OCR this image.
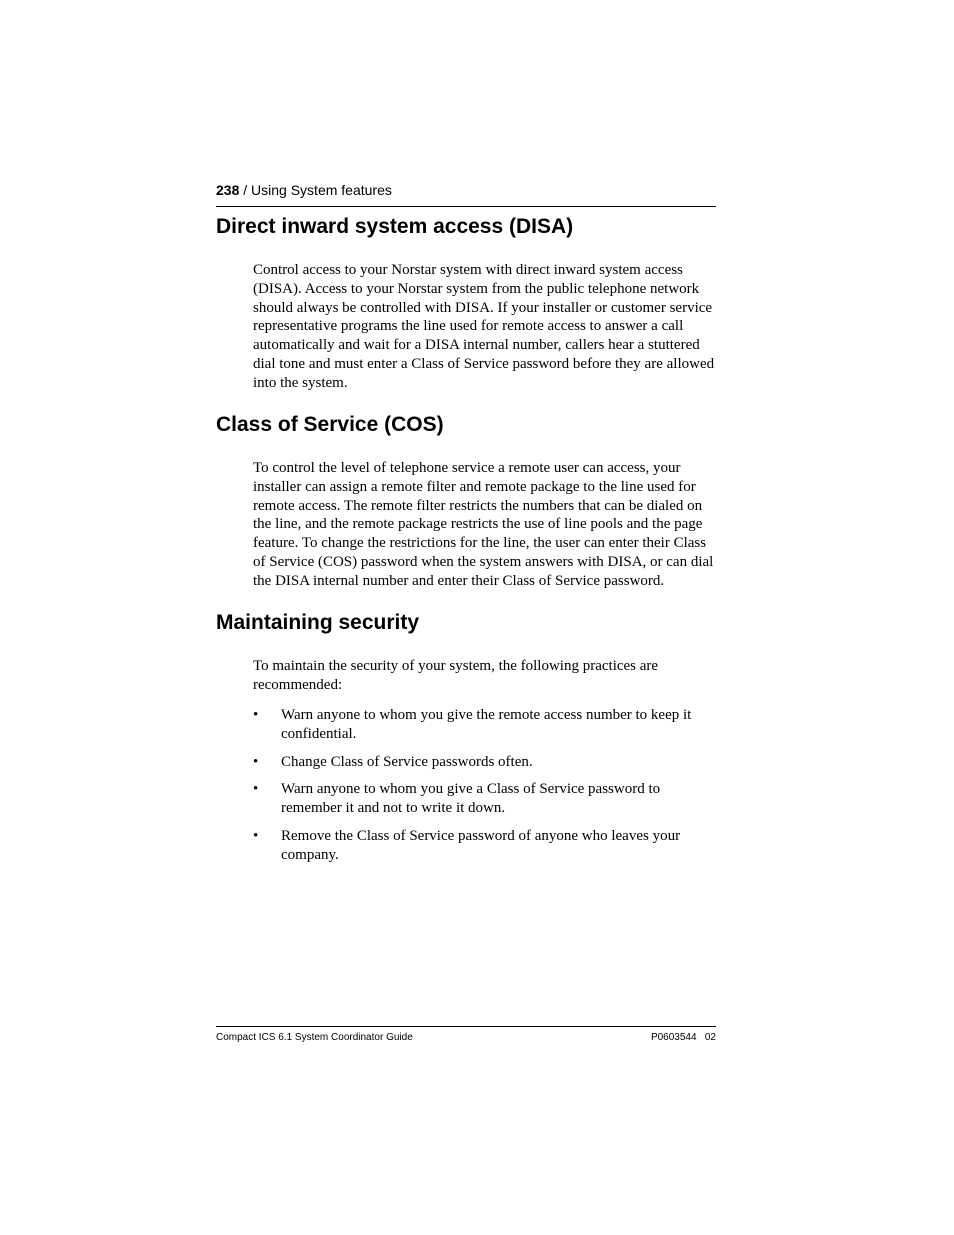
238 / Using System features
Direct inward system access (DISA)

Control access to your Norstar system with direct inward system access (DISA). Access to your Norstar system from the public telephone network should always be controlled with DISA. If your installer or customer service representative programs the line used for remote access to answer a call automatically and wait for a DISA internal number, callers hear a stuttered dial tone and must enter a Class of Service password before they are allowed into the system.

Class of Service (COS)

To control the level of telephone service a remote user can access, your installer can assign a remote filter and remote package to the line used for remote access. The remote filter restricts the numbers that can be dialed on the line, and the remote package restricts the use of line pools and the page feature. To change the restrictions for the line, the user can enter their Class of Service (COS) password when the system answers with DISA, or can dial the DISA internal number and enter their Class of Service password.

Maintaining security

To maintain the security of your system, the following practices are recommended:

• Warn anyone to whom you give the remote access number to keep it confidential.
• Change Class of Service passwords often.
• Warn anyone to whom you give a Class of Service password to remember it and not to write it down.
• Remove the Class of Service password of anyone who leaves your company.
Compact ICS 6.1 System Coordinator Guide	P0603544   02
